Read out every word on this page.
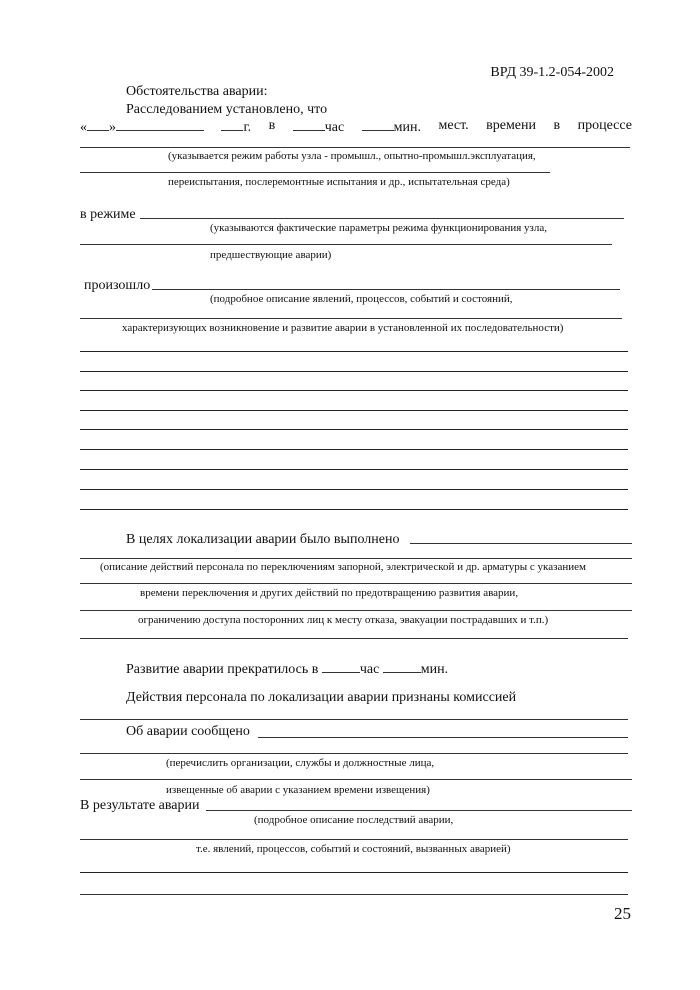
ВРД 39-1.2-054-2002
Обстоятельства аварии:
Расследованием установлено, что
« »	г. в	час	мин. мест. времени в процессе
(указывается режим работы узла - промышл., опытно-промышл.эксплуатация,
переиспытания, послеремонтные испытания и др., испытательная среда)
в режиме
(указываются фактические параметры режима функционирования узла,
предшествующие аварии)
произошло
(подробное описание явлений, процессов, событий и состояний,
характеризующих возникновение и развитие аварии в установленной их последовательности)
В целях локализации аварии было выполнено
(описание действий персонала по переключениям запорной, электрической и др. арматуры с указанием
времени переключения и других действий по предотвращению развития аварии,
ограничению доступа посторонних лиц к месту отказа, эвакуации пострадавших и т.п.)
Развитие аварии прекратилось в	час	мин.
Действия персонала по локализации аварии признаны комиссией
Об аварии сообщено
(перечислить организации, службы и должностные лица,
извещенные об аварии с указанием времени извещения)
В результате аварии
(подробное описание последствий аварии,
т.е. явлений, процессов, событий и состояний, вызванных аварией)
25
